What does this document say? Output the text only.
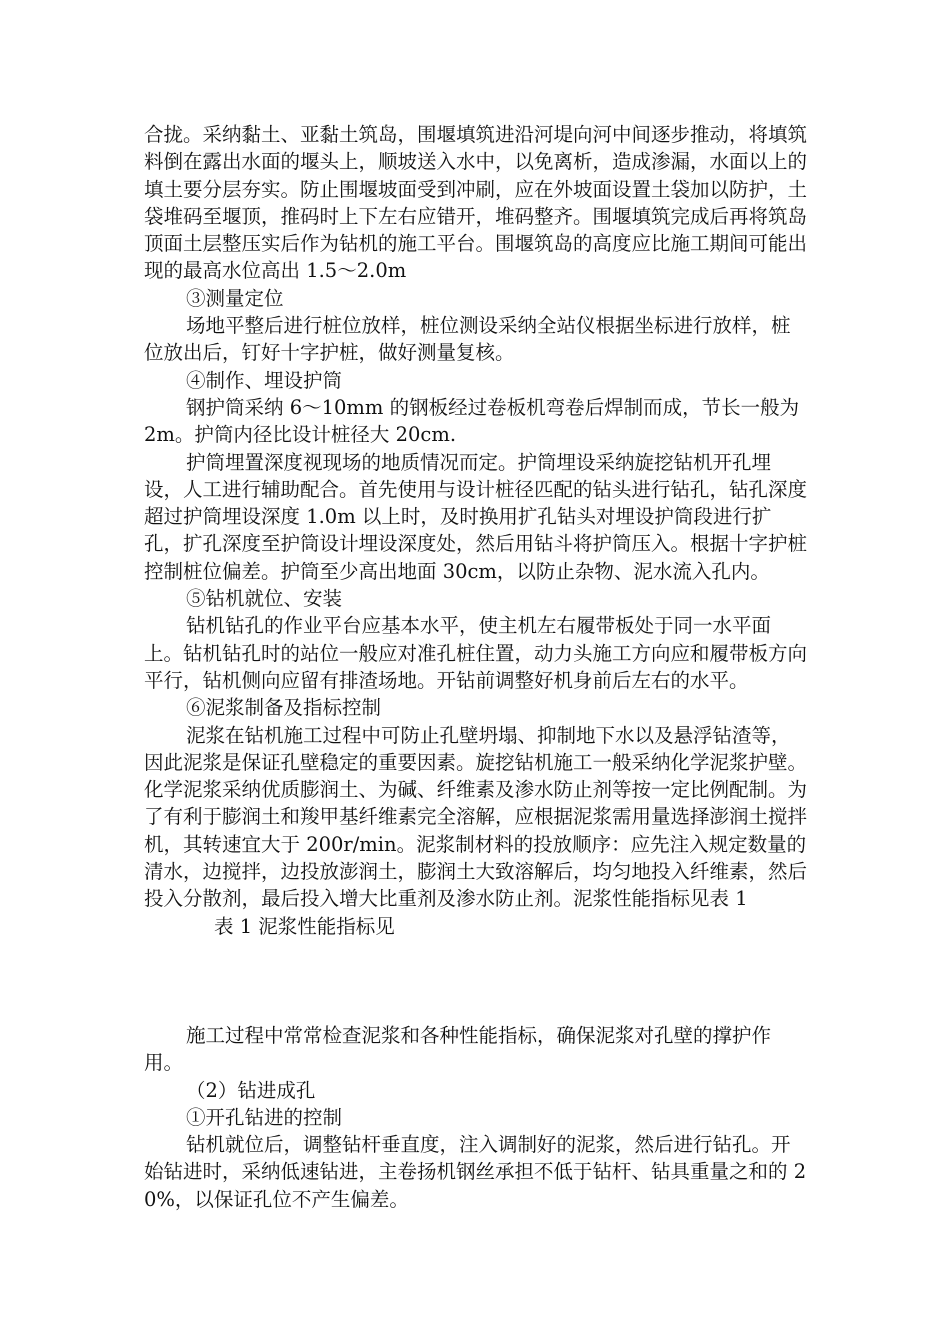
合拢。采纳黏土、亚黏土筑岛，围堰填筑进沿河堤向河中间逐步推动，将填筑料倒在露出水面的堰头上，顺坡送入水中，以免离析，造成渗漏，水面以上的填土要分层夯实。防止围堰坡面受到冲刷，应在外坡面设置土袋加以防护，土袋堆码至堰顶，推码时上下左右应错开，堆码整齐。围堰填筑完成后再将筑岛顶面土层整压实后作为钻机的施工平台。围堰筑岛的高度应比施工期间可能出现的最高水位高出 1.5～2.0m

③测量定位

场地平整后进行桩位放样，桩位测设采纳全站仪根据坐标进行放样，桩位放出后，钉好十字护桩，做好测量复核。

④制作、埋设护筒

钢护筒采纳 6～10mm 的钢板经过卷板机弯卷后焊制而成，节长一般为 2m。护筒内径比设计桩径大 20cm.

护筒埋置深度视现场的地质情况而定。护筒埋设采纳旋挖钻机开孔埋设，人工进行辅助配合。首先使用与设计桩径匹配的钻头进行钻孔，钻孔深度超过护筒埋设深度 1.0m 以上时，及时换用扩孔钻头对埋设护筒段进行扩孔，扩孔深度至护筒设计埋设深度处，然后用钻斗将护筒压入。根据十字护桩控制桩位偏差。护筒至少高出地面 30cm，以防止杂物、泥水流入孔内。

⑤钻机就位、安装

钻机钻孔的作业平台应基本水平，使主机左右履带板处于同一水平面上。钻机钻孔时的站位一般应对准孔桩住置，动力头施工方向应和履带板方向平行，钻机侧向应留有排渣场地。开钻前调整好机身前后左右的水平。

⑥泥浆制备及指标控制

泥浆在钻机施工过程中可防止孔壁坍塌、抑制地下水以及悬浮钻渣等，因此泥浆是保证孔壁稳定的重要因素。旋挖钻机施工一般采纳化学泥浆护壁。化学泥浆采纳优质膨润土、为碱、纤维素及渗水防止剂等按一定比例配制。为了有利于膨润土和羧甲基纤维素完全溶解，应根据泥浆需用量选择澎润土搅拌机，其转速宜大于 200r/min。泥浆制材料的投放顺序：应先注入规定数量的清水，边搅拌，边投放澎润土，膨润土大致溶解后，均匀地投入纤维素，然后投入分散剂，最后投入增大比重剂及渗水防止剂。泥浆性能指标见表 1

表 1 泥浆性能指标见

施工过程中常常检查泥浆和各种性能指标，确保泥浆对孔壁的撑护作用。

（2）钻进成孔

①开孔钻进的控制

钻机就位后，调整钻杆垂直度，注入调制好的泥浆，然后进行钻孔。开始钻进时，采纳低速钻进，主卷扬机钢丝承担不低于钻杆、钻具重量之和的 20%，以保证孔位不产生偏差。
